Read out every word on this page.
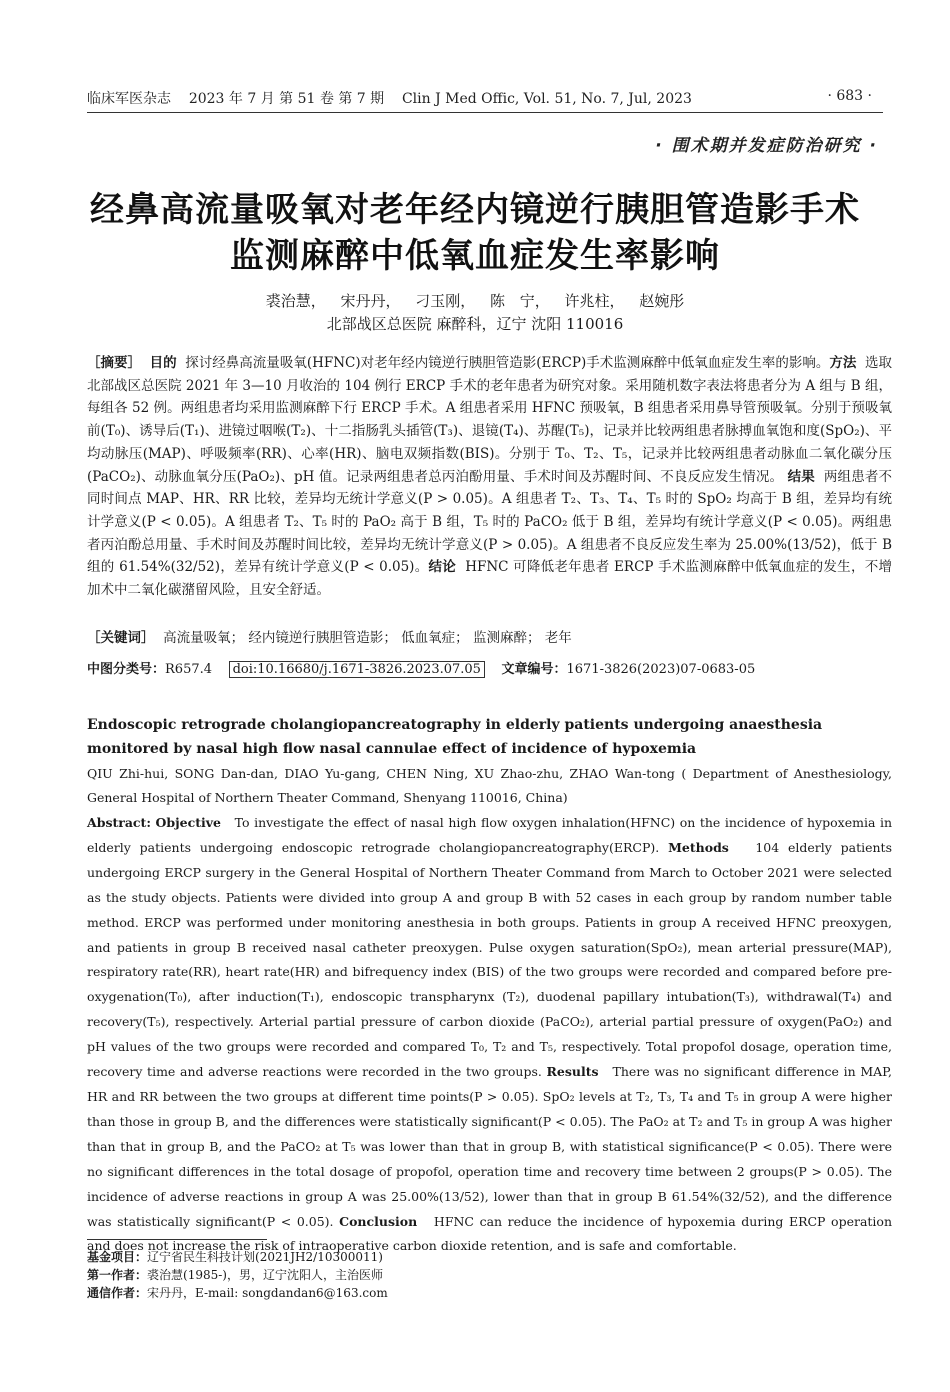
临床军医杂志 2023 年 7 月 第 51 卷 第 7 期 Clin J Med Offic, Vol. 51, No. 7, Jul, 2023	· 683 ·
· 围术期并发症防治研究 ·
经鼻高流量吸氧对老年经内镜逆行胰胆管造影手术
监测麻醉中低氧血症发生率影响
裘治慧， 宋丹丹， 刁玉刚， 陈 宁， 许兆柱， 赵婉彤
北部战区总医院 麻醉科，辽宁 沈阳 110016
［摘要］ 目的 探讨经鼻高流量吸氧(HFNC)对老年经内镜逆行胰胆管造影(ERCP)手术监测麻醉中低氧血症发生率的影响。方法 选取北部战区总医院 2021 年 3—10 月收治的 104 例行 ERCP 手术的老年患者为研究对象。采用随机数字表法将患者分为 A 组与 B 组，每组各 52 例。两组患者均采用监测麻醉下行 ERCP 手术。A 组患者采用 HFNC 预吸氧，B 组患者采用鼻导管预吸氧。分别于预吸氧前(T₀)、诱导后(T₁)、进镜过咽喉(T₂)、十二指肠乳头插管(T₃)、退镜(T₄)、苏醒(T₅)，记录并比较两组患者脉搏血氧饱和度(SpO₂)、平均动脉压(MAP)、呼吸频率(RR)、心率(HR)、脑电双频指数(BIS)。分别于 T₀、T₂、T₅，记录并比较两组患者动脉血二氧化碳分压(PaCO₂)、动脉血氧分压(PaO₂)、pH 值。记录两组患者总丙泊酚用量、手术时间及苏醒时间、不良反应发生情况。 结果 两组患者不同时间点 MAP、HR、RR 比较，差异均无统计学意义(P > 0.05)。A 组患者 T₂、T₃、T₄、T₅ 时的 SpO₂ 均高于 B 组，差异均有统计学意义(P < 0.05)。A 组患者 T₂、T₅ 时的 PaO₂ 高于 B 组，T₅ 时的 PaCO₂ 低于 B 组，差异均有统计学意义(P < 0.05)。两组患者丙泊酚总用量、手术时间及苏醒时间比较，差异均无统计学意义(P > 0.05)。A 组患者不良反应发生率为 25.00%(13/52)，低于 B 组的 61.54%(32/52)，差异有统计学意义(P < 0.05)。结论 HFNC 可降低老年患者 ERCP 手术监测麻醉中低氧血症的发生，不增加术中二氧化碳潴留风险，且安全舒适。
［关键词］ 高流量吸氧； 经内镜逆行胰胆管造影； 低血氧症； 监测麻醉； 老年
中图分类号：R657.4 doi:10.16680/j.1671-3826.2023.07.05 文章编号：1671-3826(2023)07-0683-05
Endoscopic retrograde cholangiopancreatography in elderly patients undergoing anaesthesia monitored by nasal high flow nasal cannulae effect of incidence of hypoxemia
QIU Zhi-hui, SONG Dan-dan, DIAO Yu-gang, CHEN Ning, XU Zhao-zhu, ZHAO Wan-tong ( Department of Anesthesiology, General Hospital of Northern Theater Command, Shenyang 110016, China)
Abstract: Objective To investigate the effect of nasal high flow oxygen inhalation(HFNC) on the incidence of hypoxemia in elderly patients undergoing endoscopic retrograde cholangiopancreatography(ERCP). Methods 104 elderly patients undergoing ERCP surgery in the General Hospital of Northern Theater Command from March to October 2021 were selected as the study objects. Patients were divided into group A and group B with 52 cases in each group by random number table method. ERCP was performed under monitoring anesthesia in both groups. Patients in group A received HFNC preoxygen, and patients in group B received nasal catheter preoxygen. Pulse oxygen saturation(SpO₂), mean arterial pressure(MAP), respiratory rate(RR), heart rate(HR) and bifrequency index (BIS) of the two groups were recorded and compared before pre-oxygenation(T₀), after induction(T₁), endoscopic transpharynx (T₂), duodenal papillary intubation(T₃), withdrawal(T₄) and recovery(T₅), respectively. Arterial partial pressure of carbon dioxide (PaCO₂), arterial partial pressure of oxygen(PaO₂) and pH values of the two groups were recorded and compared T₀, T₂ and T₅, respectively. Total propofol dosage, operation time, recovery time and adverse reactions were recorded in the two groups. Results There was no significant difference in MAP, HR and RR between the two groups at different time points(P > 0.05). SpO₂ levels at T₂, T₃, T₄ and T₅ in group A were higher than those in group B, and the differences were statistically significant(P < 0.05). The PaO₂ at T₂ and T₅ in group A was higher than that in group B, and the PaCO₂ at T₅ was lower than that in group B, with statistical significance(P < 0.05). There were no significant differences in the total dosage of propofol, operation time and recovery time between 2 groups(P > 0.05). The incidence of adverse reactions in group A was 25.00%(13/52), lower than that in group B 61.54%(32/52), and the difference was statistically significant(P < 0.05). Conclusion HFNC can reduce the incidence of hypoxemia during ERCP operation and does not increase the risk of intraoperative carbon dioxide retention, and is safe and comfortable.
基金项目：辽宁省民生科技计划(2021JH2/10300011)
第一作者：裘治慧(1985-)，男，辽宁沈阳人，主治医师
通信作者：宋丹丹，E-mail: songdandan6@163.com
